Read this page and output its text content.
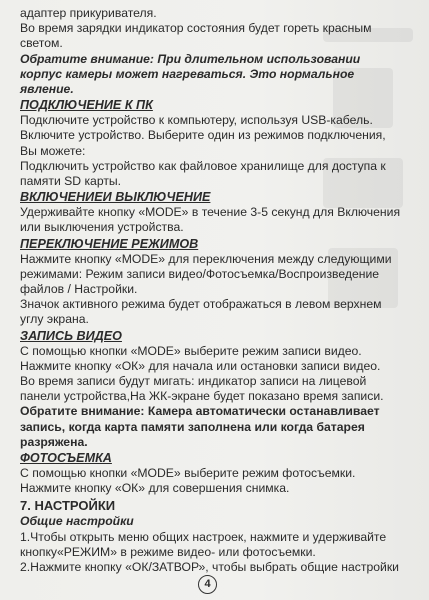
адаптер прикуривателя.

Во время зарядки индикатор состояния будет гореть красным

светом.

Обратите внимание: При длительном использовании

корпус камеры может нагреваться. Это нормальное

явление.

ПОДКЛЮЧЕНИЕ К ПК

Подключите устройство к компьютеру, используя USB-кабель.

Включите устройство. Выберите один из режимов подключения,

Вы можете:

Подключить устройство как файловое хранилище для доступа к

памяти SD карты.

ВКЛЮЧЕНИЕИ ВЫКЛЮЧЕНИЕ

Удерживайте кнопку «MODE» в течение 3-5 секунд для Включения

или выключения устройства.

ПЕРЕКЛЮЧЕНИЕ РЕЖИМОВ

Нажмите кнопку «MODE» для переключения между следующими

режимами: Режим записи видео/Фотосъемка/Воспроизведение

файлов / Настройки.

Значок активного режима будет отображаться в левом верхнем

углу экрана.

ЗАПИСЬ ВИДЕО

С помощью кнопки «MODE» выберите режим записи видео.

Нажмите кнопку «ОК» для начала или остановки записи видео.

Во время записи будут мигать: индикатор записи на лицевой

панели устройства,На ЖК-экране будет показано время записи.

Обратите внимание: Камера автоматически останавливает

запись, когда карта памяти заполнена или когда батарея

разряжена.

ФОТОСЪЕМКА

С помощью кнопки «MODE» выберите режим фотосъемки.

Нажмите кнопку «ОК» для совершения снимка.

7. НАСТРОЙКИ

Общие настройки

1.Чтобы открыть меню общих настроек, нажмите и удерживайте

кнопку«РЕЖИМ» в режиме видео- или фотосъемки.

2.Нажмите кнопку «ОК/ЗАТВОР», чтобы выбрать общие настройки

4
